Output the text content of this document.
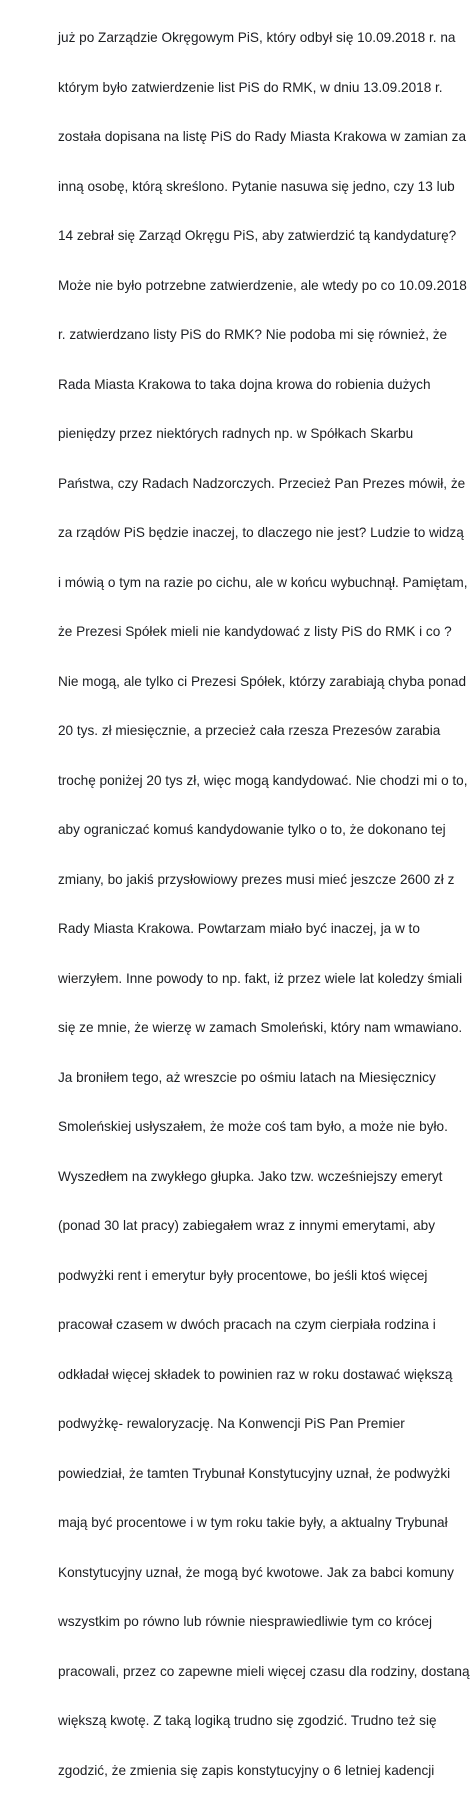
już po Zarządzie Okręgowym PiS, który odbył się 10.09.2018 r. na

którym było zatwierdzenie list PiS do RMK, w dniu 13.09.2018 r.

została dopisana na listę PiS do Rady Miasta Krakowa w zamian za

inną osobę, którą skreślono. Pytanie nasuwa się jedno, czy 13 lub

14 zebrał się Zarząd Okręgu PiS, aby zatwierdzić tą kandydaturę?

Może nie było potrzebne zatwierdzenie, ale wtedy po co 10.09.2018

r. zatwierdzano listy PiS do RMK? Nie podoba mi się również, że

Rada Miasta Krakowa to taka dojna krowa do robienia dużych

pieniędzy przez niektórych radnych np. w Spółkach Skarbu

Państwa, czy Radach Nadzorczych. Przecież Pan Prezes mówił, że

za rządów PiS będzie inaczej, to dlaczego nie jest? Ludzie to widzą

i mówią o tym na razie po cichu, ale w końcu wybuchnął. Pamiętam,

że Prezesi Spółek mieli nie kandydować z listy PiS do RMK i co ?

Nie mogą, ale tylko ci Prezesi Spółek, którzy zarabiają chyba ponad

20 tys. zł miesięcznie, a przecież cała rzesza Prezesów zarabia

trochę poniżej 20 tys zł, więc mogą kandydować. Nie chodzi mi o to,

aby ograniczać komuś kandydowanie tylko o to, że dokonano tej

zmiany, bo jakiś przysłowiowy prezes musi mieć jeszcze 2600 zł z

Rady Miasta Krakowa. Powtarzam miało być inaczej, ja w to

wierzyłem. Inne powody to np. fakt, iż przez wiele lat koledzy śmiali

się ze mnie, że wierzę w zamach Smoleński, który nam wmawiano.

Ja broniłem tego, aż wreszcie po ośmiu latach na Miesięcznicy

Smoleńskiej usłyszałem, że może coś tam było, a może nie było.

Wyszedłem na zwykłego głupka. Jako tzw. wcześniejszy emeryt

(ponad 30 lat pracy) zabiegałem wraz z innymi emerytami, aby

podwyżki rent i emerytur były procentowe, bo jeśli ktoś więcej

pracował czasem w dwóch pracach na czym cierpiała rodzina i

odkładał więcej składek to powinien raz w roku dostawać większą

podwyżkę- rewaloryzację. Na Konwencji PiS Pan Premier

powiedział, że tamten Trybunał Konstytucyjny uznał, że podwyżki

mają być procentowe i w tym roku takie były, a aktualny Trybunał

Konstytucyjny uznał, że mogą być kwotowe. Jak za babci komuny

wszystkim po równo lub równie niesprawiedliwie tym co krócej

pracowali, przez co zapewne mieli więcej czasu dla rodziny, dostaną

większą kwotę. Z taką logiką trudno się zgodzić. Trudno też się

zgodzić, że zmienia się zapis konstytucyjny o 6 letniej kadencji
